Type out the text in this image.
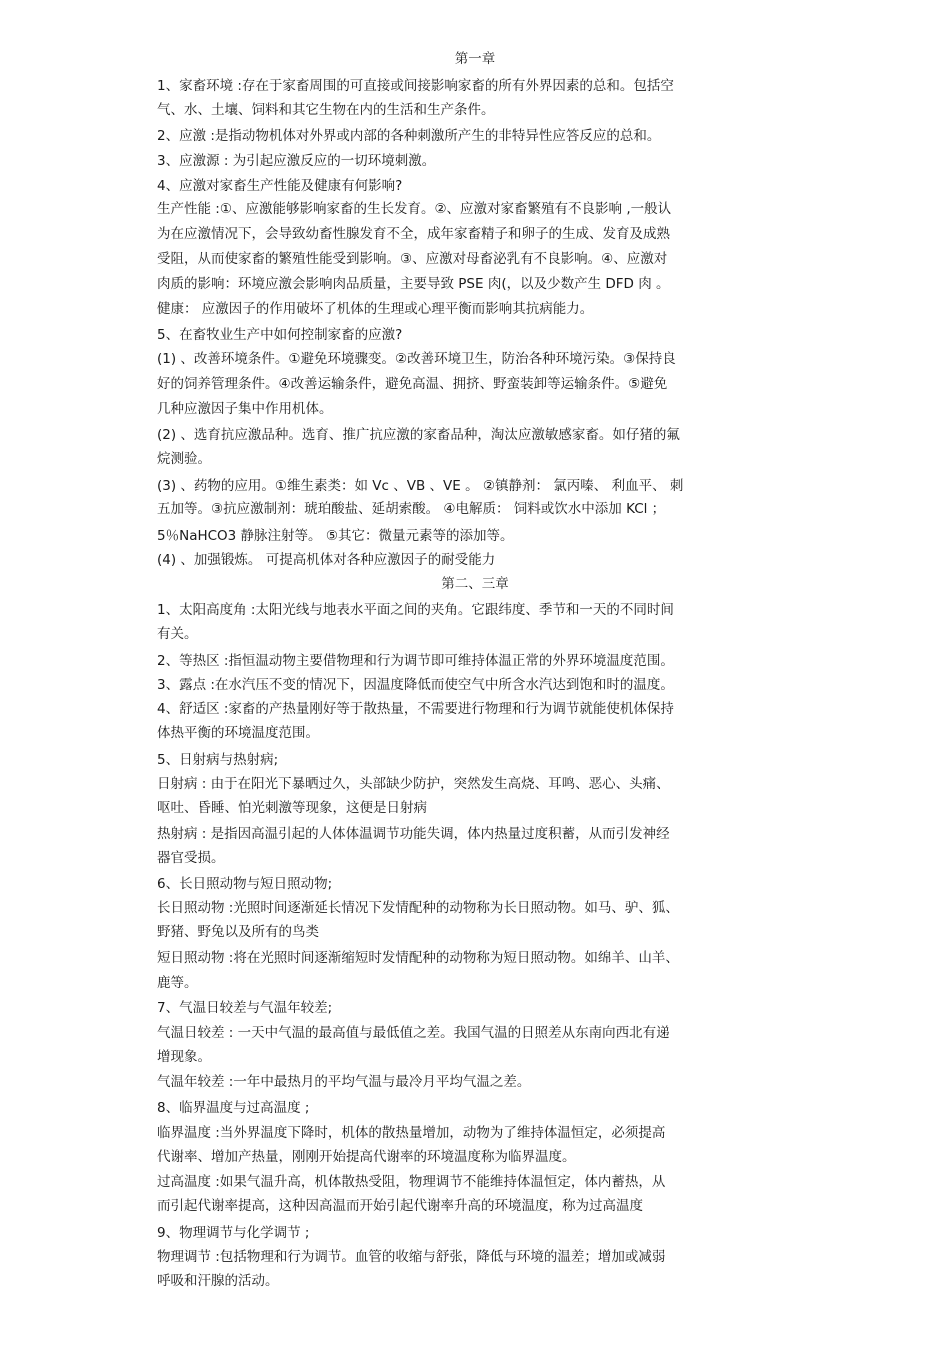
第一章
1、家畜环境 :存在于家畜周围的可直接或间接影响家畜的所有外界因素的总和。包括空
气、水、土壤、饲料和其它生物在内的生活和生产条件。
2、应激 :是指动物机体对外界或内部的各种刺激所产生的非特异性应答反应的总和。
3、应激源 : 为引起应激反应的一切环境刺激。
4、应激对家畜生产性能及健康有何影响?
生产性能 :①、应激能够影响家畜的生长发育。②、应激对家畜繁殖有不良影响 ,一般认
为在应激情况下，会导致幼畜性腺发育不全，成年家畜精子和卵子的生成、发育及成熟
受阻，从而使家畜的繁殖性能受到影响。③、应激对母畜泌乳有不良影响。④、应激对
肉质的影响：环境应激会影响肉品质量，主要导致 PSE 肉(，以及少数产生 DFD 肉 。
健康： 应激因子的作用破坏了机体的生理或心理平衡而影响其抗病能力。
5、在畜牧业生产中如何控制家畜的应激?
(1) 、改善环境条件。①避免环境骤变。②改善环境卫生，防治各种环境污染。③保持良
好的饲养管理条件。④改善运输条件，避免高温、拥挤、野蛮装卸等运输条件。⑤避免
几种应激因子集中作用机体。
(2) 、选育抗应激品种。选育、推广抗应激的家畜品种，淘汰应激敏感家畜。如仔猪的氟
烷测验。
(3) 、药物的应用。①维生素类：如 Vc 、VB 、VE 。 ②镇静剂： 氯丙嗪、 利血平、 刺
五加等。③抗应激制剂：琥珀酸盐、延胡索酸。 ④电解质： 饲料或饮水中添加 KCl ；
5％NaHCO3 静脉注射等。 ⑤其它：微量元素等的添加等。
(4) 、加强锻炼。 可提高机体对各种应激因子的耐受能力
第二、三章
1、太阳高度角 :太阳光线与地表水平面之间的夹角。它跟纬度、季节和一天的不同时间
有关。
2、等热区 :指恒温动物主要借物理和行为调节即可维持体温正常的外界环境温度范围。
3、露点 :在水汽压不变的情况下，因温度降低而使空气中所含水汽达到饱和时的温度。
4、舒适区 :家畜的产热量刚好等于散热量，不需要进行物理和行为调节就能使机体保持
体热平衡的环境温度范围。
5、日射病与热射病;
日射病 : 由于在阳光下暴晒过久，头部缺少防护，突然发生高烧、耳鸣、恶心、头痛、
呕吐、昏睡、怕光刺激等现象，这便是日射病
热射病 : 是指因高温引起的人体体温调节功能失调，体内热量过度积蓄，从而引发神经
器官受损。
6、长日照动物与短日照动物;
长日照动物 :光照时间逐渐延长情况下发情配种的动物称为长日照动物。如马、驴、狐、
野猪、野兔以及所有的鸟类
短日照动物 :将在光照时间逐渐缩短时发情配种的动物称为短日照动物。如绵羊、山羊、
鹿等。
7、气温日较差与气温年较差;
气温日较差 : 一天中气温的最高值与最低值之差。我国气温的日照差从东南向西北有递
增现象。
气温年较差 :一年中最热月的平均气温与最冷月平均气温之差。
8、临界温度与过高温度 ;
临界温度 :当外界温度下降时，机体的散热量增加，动物为了维持体温恒定，必须提高
代谢率、增加产热量，刚刚开始提高代谢率的环境温度称为临界温度。
过高温度 :如果气温升高，机体散热受阻，物理调节不能维持体温恒定，体内蓄热，从
而引起代谢率提高，这种因高温而开始引起代谢率升高的环境温度，称为过高温度
9、物理调节与化学调节 ;
物理调节 :包括物理和行为调节。血管的收缩与舒张，降低与环境的温差；增加或减弱
呼吸和汗腺的活动。
